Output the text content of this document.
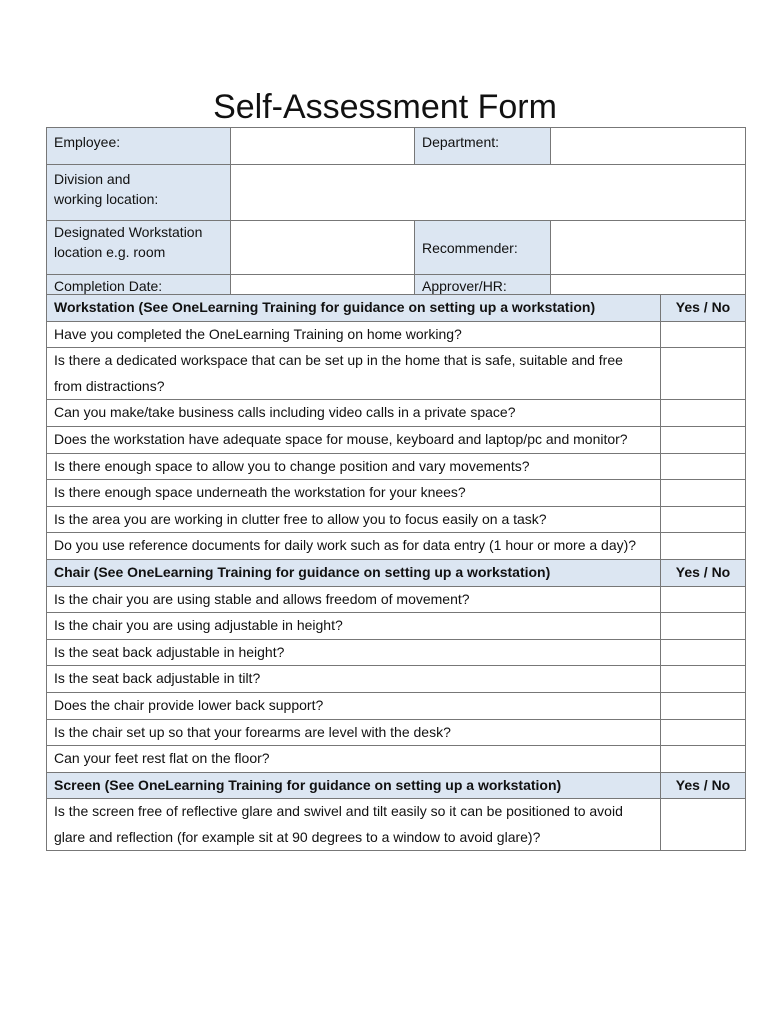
Self-Assessment Form
Employee:		Department:	
Division and
working location:			
Designated Workstation
location e.g. room		Recommender:	
Completion Date:		Approver/HR:	
Workstation (See OneLearning Training for guidance on setting up a workstation)	Yes / No
Have you completed the OneLearning Training on home working?	
Is there a dedicated workspace that can be set up in the home that is safe, suitable and free from distractions?	
Can you make/take business calls including video calls in a private space?	
Does the workstation have adequate space for mouse, keyboard and laptop/pc and monitor?	
Is there enough space to allow you to change position and vary movements?	
Is there enough space underneath the workstation for your knees?	
Is the area you are working in clutter free to allow you to focus easily on a task?	
Do you use reference documents for daily work such as for data entry (1 hour or more a day)?	
Chair (See OneLearning Training for guidance on setting up a workstation)	Yes / No
Is the chair you are using stable and allows freedom of movement?	
Is the chair you are using adjustable in height?	
Is the seat back adjustable in height?	
Is the seat back adjustable in tilt?	
Does the chair provide lower back support?	
Is the chair set up so that your forearms are level with the desk?	
Can your feet rest flat on the floor?	
Screen (See OneLearning Training for guidance on setting up a workstation)	Yes / No
Is the screen free of reflective glare and swivel and tilt easily so it can be positioned to avoid glare and reflection (for example sit at 90 degrees to a window to avoid glare)?	
